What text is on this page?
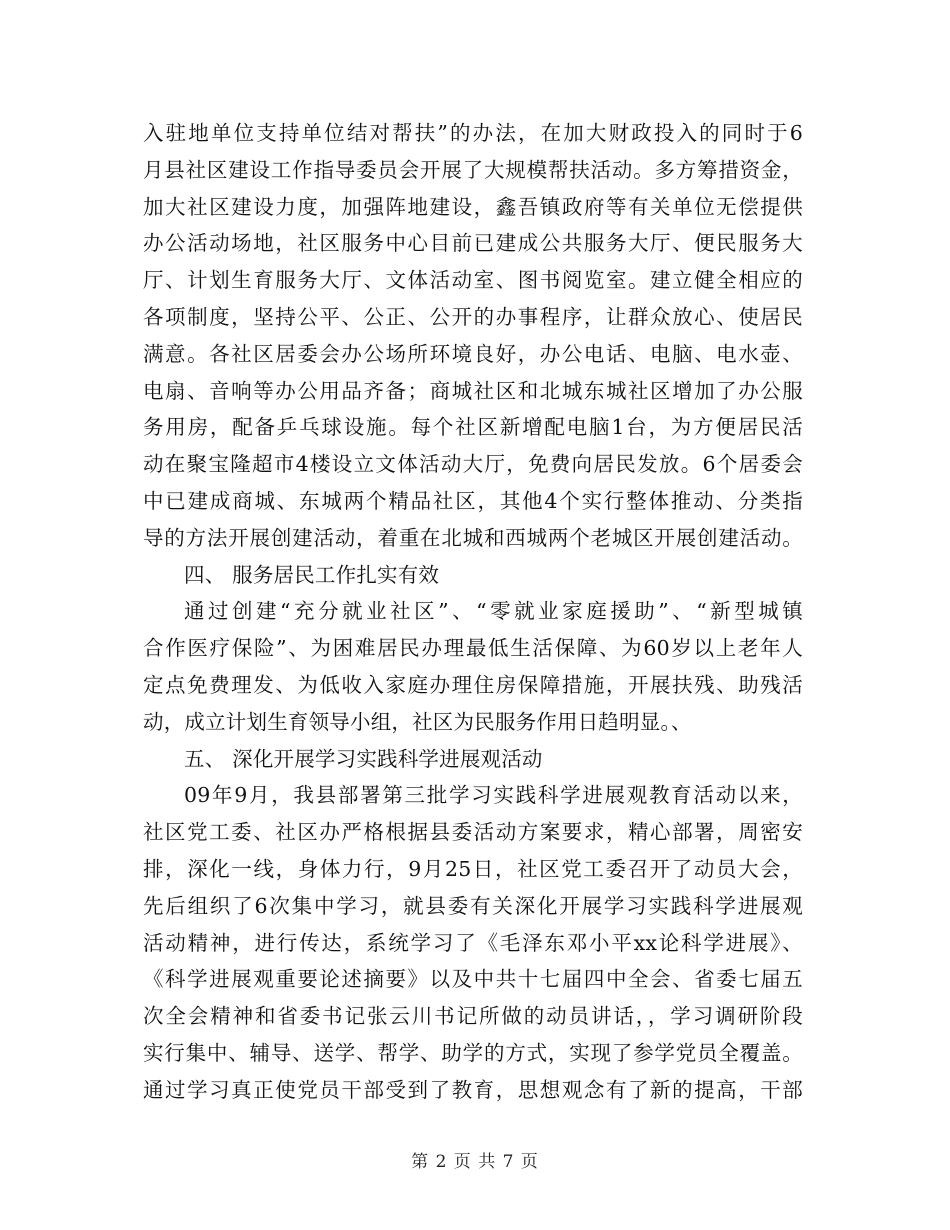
入驻地单位支持单位结对帮扶”的办法，在加大财政投入的同时于6
月县社区建设工作指导委员会开展了大规模帮扶活动。多方筹措资金，
加大社区建设力度，加强阵地建设，鑫吾镇政府等有关单位无偿提供
办公活动场地，社区服务中心目前已建成公共服务大厅、便民服务大
厅、计划生育服务大厅、文体活动室、图书阅览室。建立健全相应的
各项制度，坚持公平、公正、公开的办事程序，让群众放心、使居民
满意。各社区居委会办公场所环境良好，办公电话、电脑、电水壶、
电扇、音响等办公用品齐备；商城社区和北城东城社区增加了办公服
务用房，配备乒乓球设施。每个社区新增配电脑1台，为方便居民活
动在聚宝隆超市4楼设立文体活动大厅，免费向居民发放。6个居委会
中已建成商城、东城两个精品社区，其他4个实行整体推动、分类指
导的方法开展创建活动，着重在北城和西城两个老城区开展创建活动。
四、 服务居民工作扎实有效
通过创建“充分就业社区”、“零就业家庭援助”、“新型城镇
合作医疗保险”、为困难居民办理最低生活保障、为60岁以上老年人
定点免费理发、为低收入家庭办理住房保障措施，开展扶残、助残活
动，成立计划生育领导小组，社区为民服务作用日趋明显。、
五、 深化开展学习实践科学进展观活动
09年9月，我县部署第三批学习实践科学进展观教育活动以来，
社区党工委、社区办严格根据县委活动方案要求，精心部署，周密安
排，深化一线，身体力行，9月25日，社区党工委召开了动员大会，
先后组织了6次集中学习，就县委有关深化开展学习实践科学进展观
活动精神，进行传达，系统学习了《毛泽东邓小平xx论科学进展》、
《科学进展观重要论述摘要》以及中共十七届四中全会、省委七届五
次全会精神和省委书记张云川书记所做的动员讲话，，学习调研阶段
实行集中、辅导、送学、帮学、助学的方式，实现了参学党员全覆盖。
通过学习真正使党员干部受到了教育，思想观念有了新的提高，干部
第 2 页 共 7 页
